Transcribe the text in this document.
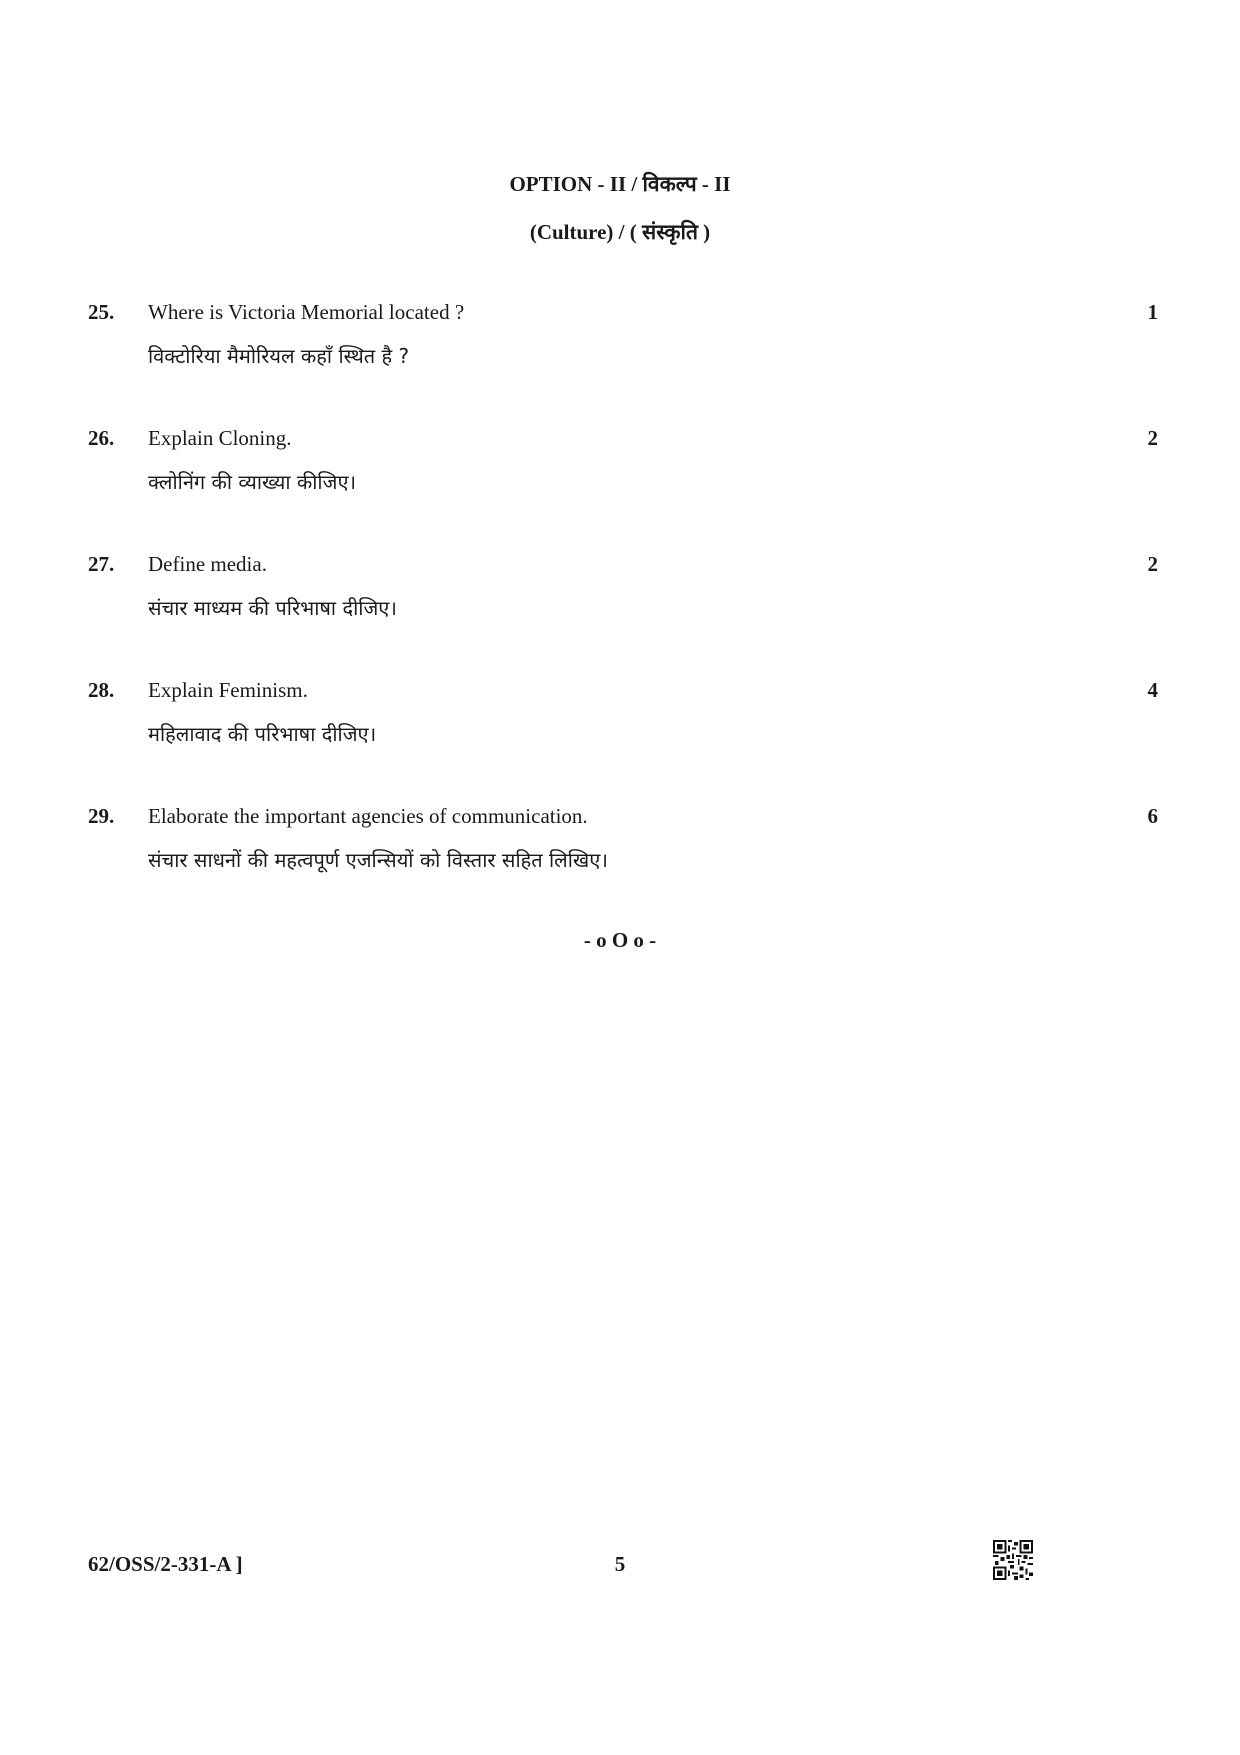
OPTION - II / विकल्प - II
(Culture) / ( संस्कृति )
25. Where is Victoria Memorial located ?
विक्टोरिया मैमोरियल कहाँ स्थित है ?
1
26. Explain Cloning.
क्लोनिंग की व्याख्या कीजिए।
2
27. Define media.
संचार माध्यम की परिभाषा दीजिए।
2
28. Explain Feminism.
महिलावाद की परिभाषा दीजिए।
4
29. Elaborate the important agencies of communication.
संचार साधनों की महत्वपूर्ण एजन्सियों को विस्तार सहित लिखिए।
6
- o O o -
62/OSS/2-331-A ]	5
